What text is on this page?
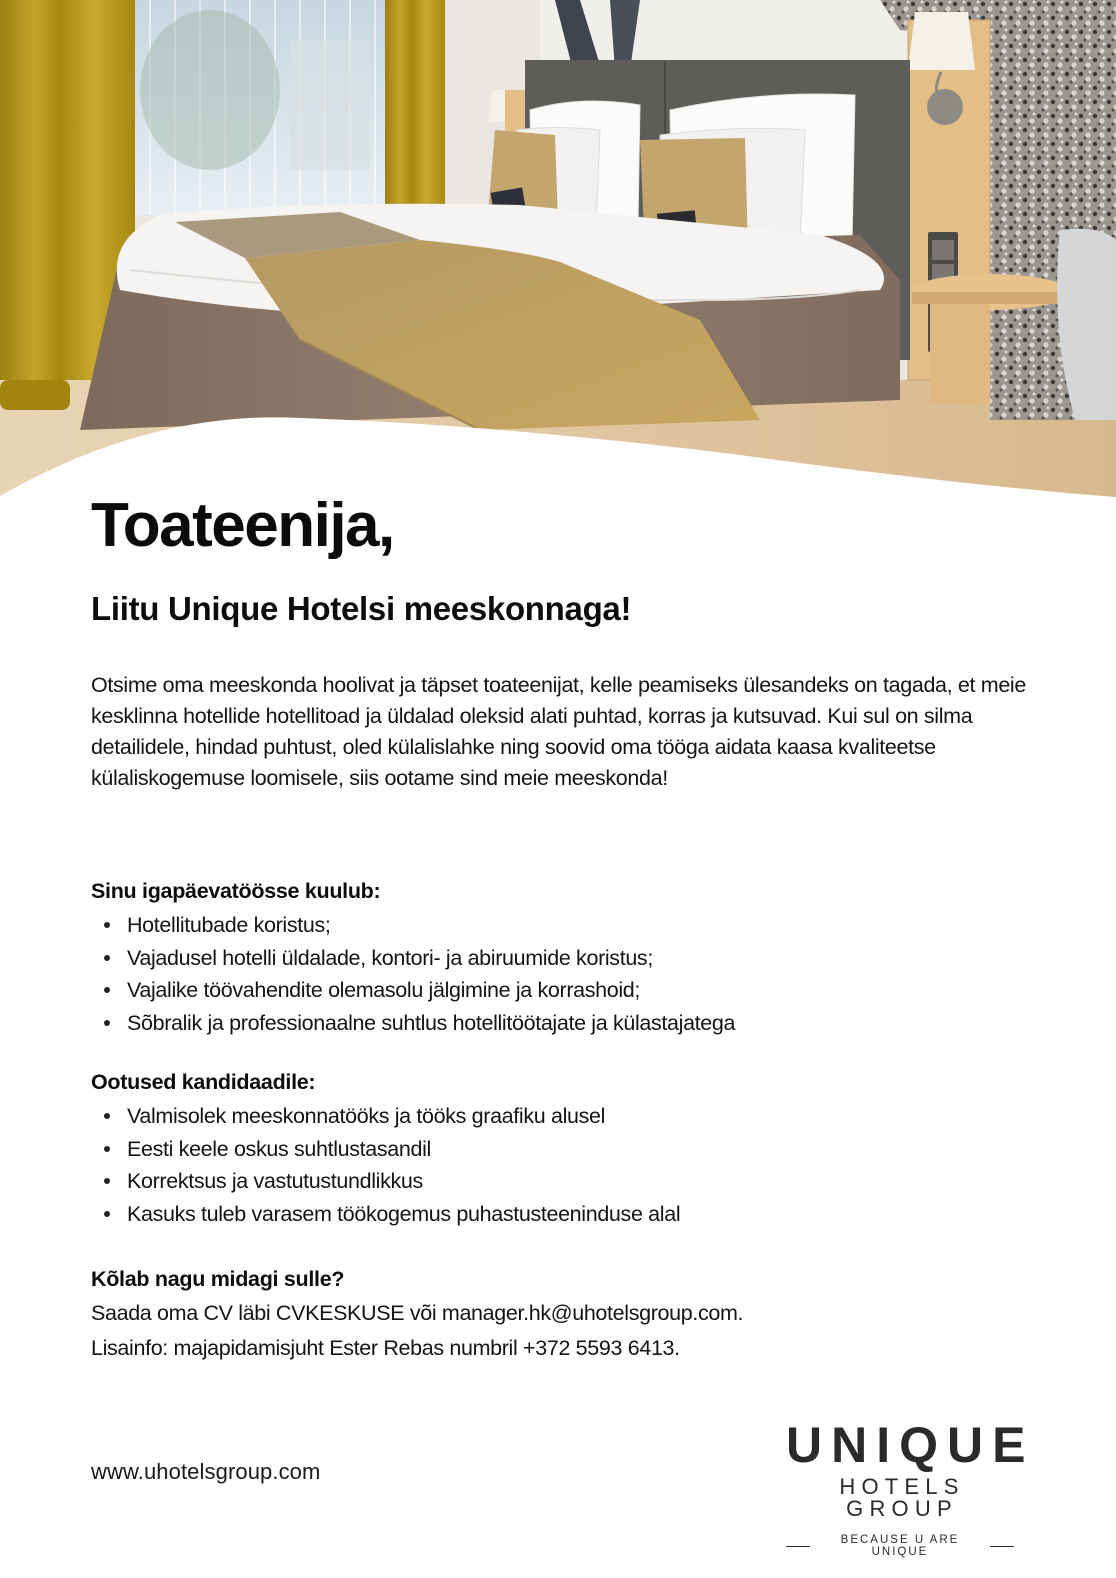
Toateenija,
Liitu Unique Hotelsi meeskonnaga!

Otsime oma meeskonda hoolivat ja täpset toateenijat, kelle peamiseks ülesandeks on tagada, et meie kesklinna hotellide hotellitoad ja üldalad oleksid alati puhtad, korras ja kutsuvad. Kui sul on silma detailidele, hindad puhtust, oled külalislahke ning soovid oma tööga aidata kaasa kvaliteetse külaliskogemuse loomisele, siis ootame sind meie meeskonda!

Sinu igapäevatöösse kuulub:
Hotellitubade koristus;
Vajadusel hotelli üldalade, kontori- ja abiruumide koristus;
Vajalike töövahendite olemasolu jälgimine ja korrashoid;
Sõbralik ja professionaalne suhtlus hotellitöötajate ja külastajatega
Ootused kandidaadile:
Valmisolek meeskonnatööks ja tööks graafiku alusel
Eesti keele oskus suhtlustasandil
Korrektsus ja vastutustundlikkus
Kasuks tuleb varasem töökogemus puhastusteeninduse alal
Kõlab nagu midagi sulle?

Saada oma CV läbi CVKESKUSE või manager.hk@uhotelsgroup.com.

Lisainfo: majapidamisjuht Ester Rebas numbril +372 5593 6413.

www.uhotelsgroup.com	UNIQUE
HOTELS GROUP
BECAUSE U ARE UNIQUE
